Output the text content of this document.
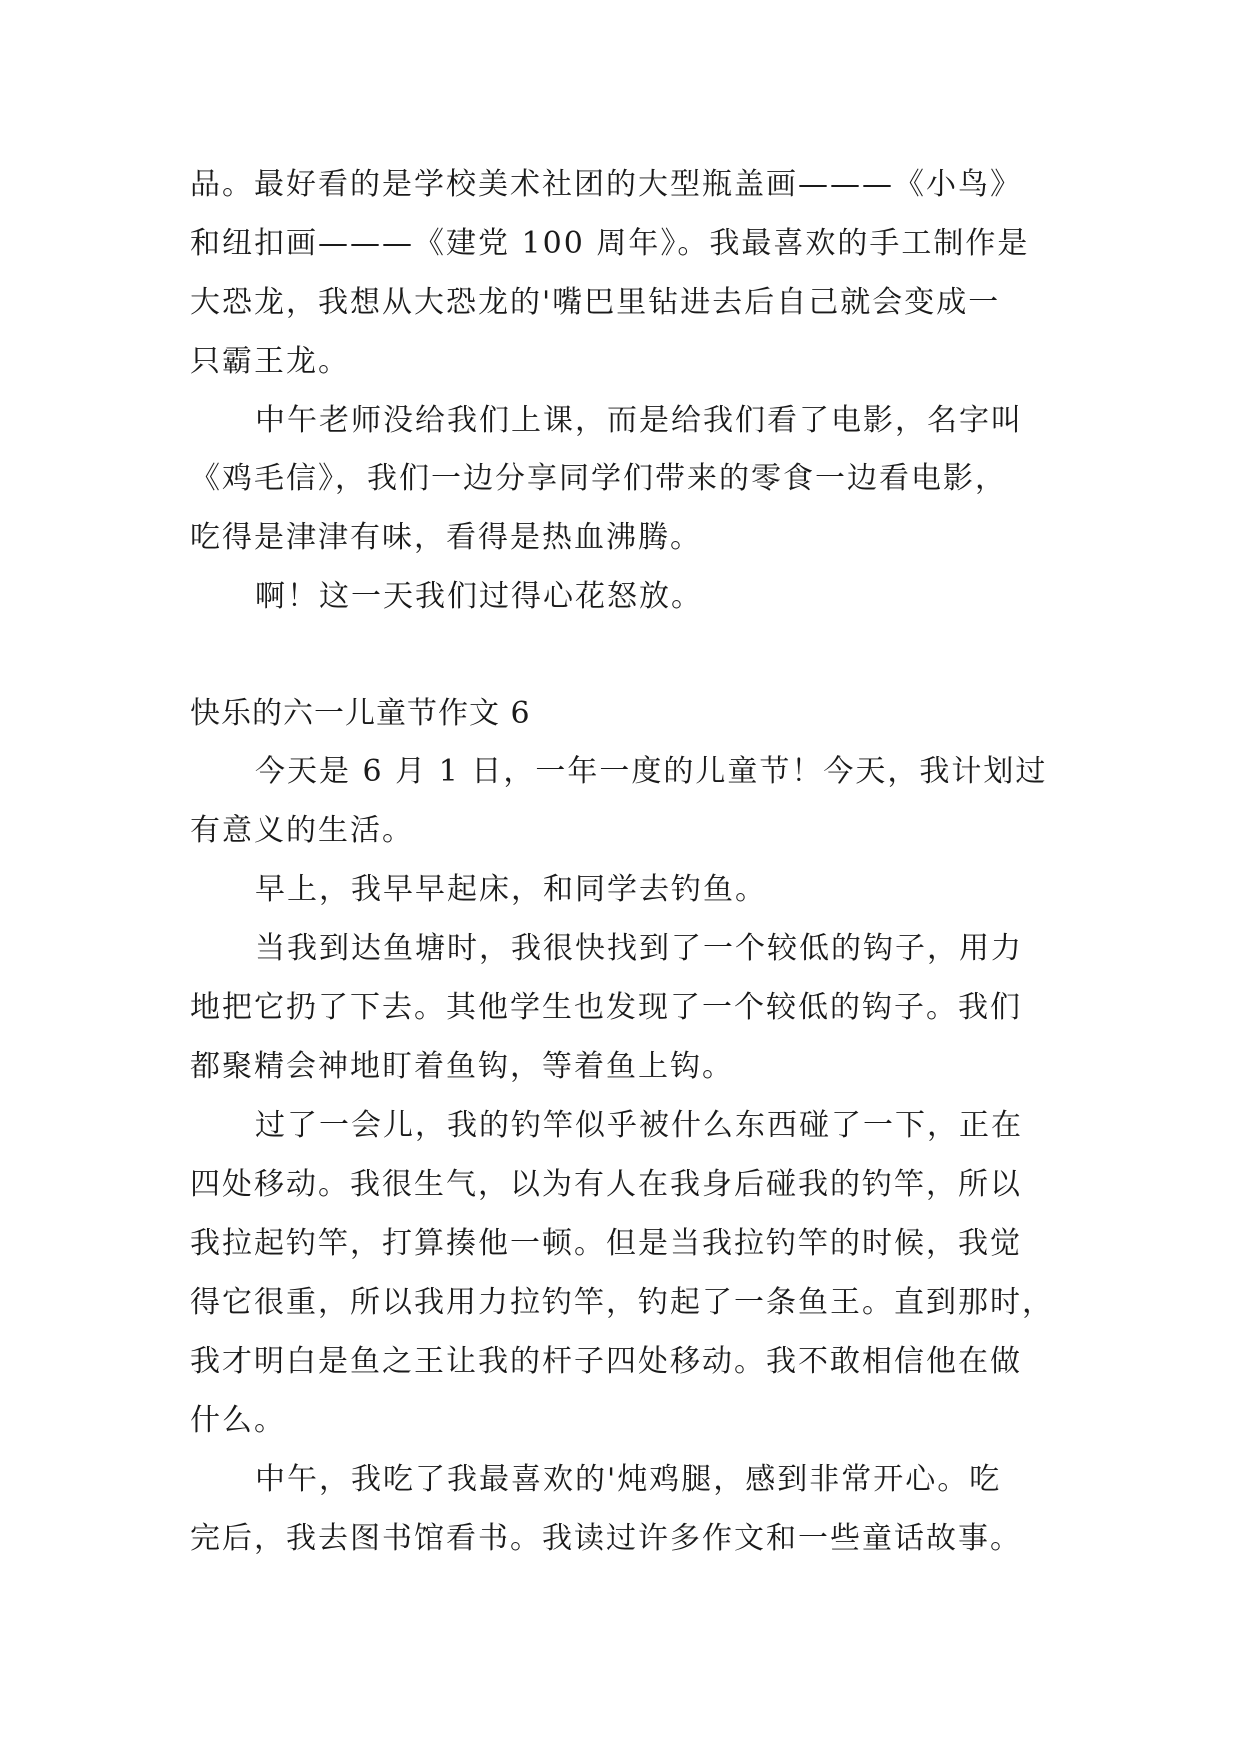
品。最好看的是学校美术社团的大型瓶盖画———《小鸟》

和纽扣画———《建党 100 周年》。我最喜欢的手工制作是

大恐龙，我想从大恐龙的'嘴巴里钻进去后自己就会变成一

只霸王龙。

中午老师没给我们上课，而是给我们看了电影，名字叫

《鸡毛信》，我们一边分享同学们带来的零食一边看电影，

吃得是津津有味，看得是热血沸腾。

啊！这一天我们过得心花怒放。

快乐的六一儿童节作文 6

今天是 6 月 1 日，一年一度的儿童节！今天，我计划过

有意义的生活。

早上，我早早起床，和同学去钓鱼。

当我到达鱼塘时，我很快找到了一个较低的钩子，用力

地把它扔了下去。其他学生也发现了一个较低的钩子。我们

都聚精会神地盯着鱼钩，等着鱼上钩。

过了一会儿，我的钓竿似乎被什么东西碰了一下，正在

四处移动。我很生气，以为有人在我身后碰我的钓竿，所以

我拉起钓竿，打算揍他一顿。但是当我拉钓竿的时候，我觉

得它很重，所以我用力拉钓竿，钓起了一条鱼王。直到那时，

我才明白是鱼之王让我的杆子四处移动。我不敢相信他在做

什么。

中午，我吃了我最喜欢的'炖鸡腿，感到非常开心。吃

完后，我去图书馆看书。我读过许多作文和一些童话故事。
